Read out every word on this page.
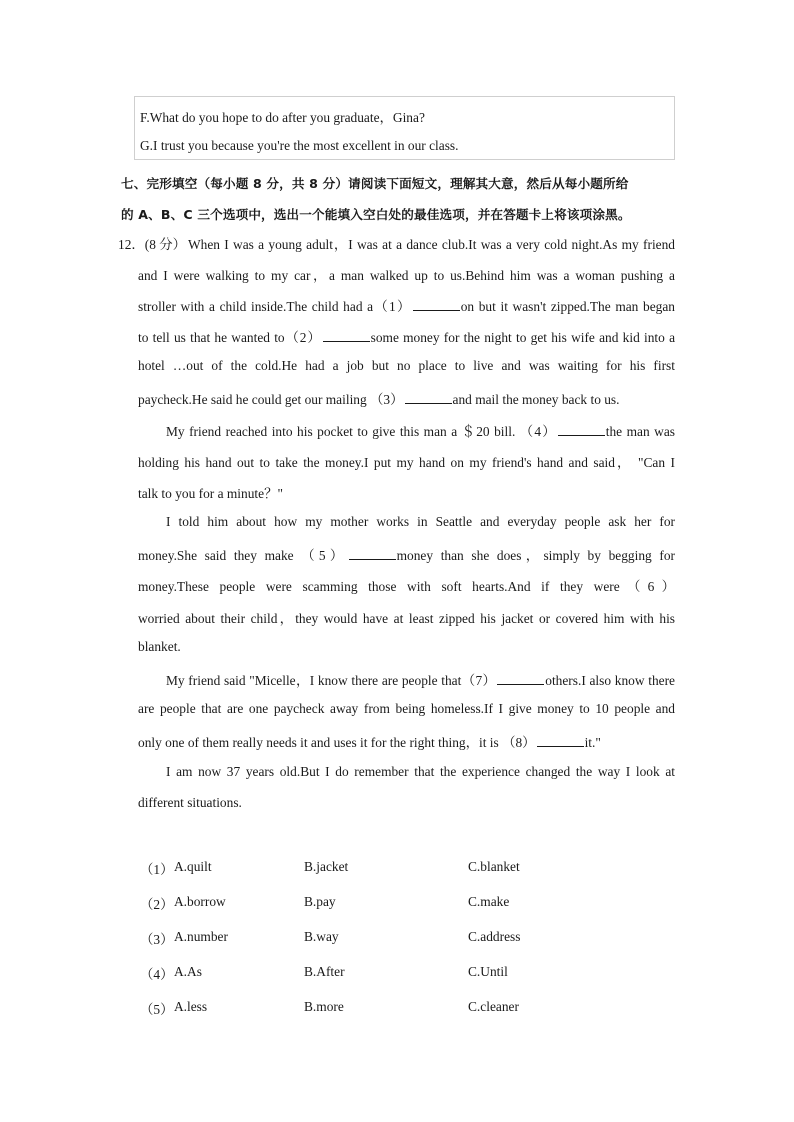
F.What do you hope to do after you graduate，Gina?
G.I trust you because you're the most excellent in our class.
七、完形填空（每小题 8 分，共 8 分）请阅读下面短文，理解其大意，然后从每小题所给
的 A、B、C 三个选项中，选出一个能填入空白处的最佳选项，并在答题卡上将该项涂黑。
12．(8 分） When I was a young adult，I was at a dance club.It was a very cold night.As my friend
and I were walking to my car，a man walked up to us.Behind him was a woman pushing a
stroller with a child inside.The child had a（1）	on but it wasn't zipped.The man began
to tell us that he wanted to（2）	some money for the night to get his wife and kid into a
hotel …out of the cold.He had a job but no place to live and was waiting for his first
paycheck.He said he could get our mailing （3）	and mail the money back to us.
My friend reached into his pocket to give this man a ＄20 bill. （4）	the man was
holding his hand out to take the money.I put my hand on my friend's hand and said， "Can I
talk to you for a minute？"
I told him about how my mother works in Seattle and everyday people ask her for
money.She said they make （5）	money than she does，simply by begging for
money.These people were scamming those with soft hearts.And if they were（6）
worried about their child，they would have at least zipped his jacket or covered him with his
blanket.
My friend said "Micelle，I know there are people that（7）	others.I also know there
are people that are one paycheck away from being homeless.If I give money to 10 people and
only one of them really needs it and uses it for the right thing，it is （8）	it."
I am now 37 years old.But I do remember that the experience changed the way I look at
different situations.
（1） A.quilt	B.jacket	C.blanket
（2） A.borrow	B.pay	C.make
（3） A.number	B.way	C.address
（4） A.As	B.After	C.Until
（5） A.less	B.more	C.cleaner
